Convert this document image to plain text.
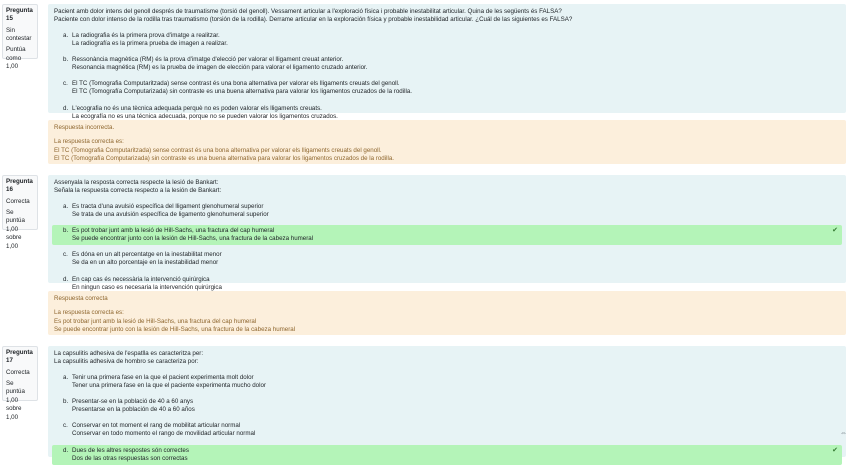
Pregunta
15
Sin contestar
Puntúa como 1,00
Pacient amb dolor intens del genoll després de traumatisme (torsió del genoll). Vessament articular a l'exploració física i probable inestabilitat articular. Quina de les següents és FALSA?
Paciente con dolor intenso de la rodilla tras traumatismo (torsión de la rodilla). Derrame articular en la exploración física y probable inestabilidad articular. ¿Cuál de las siguientes es FALSA?
a. La radiografia és la primera prova d'imatge a realitzar.
La radiografía es la primera prueba de imagen a realizar.
b. Ressonància magnètica (RM) és la prova d'imatge d'elecció per valorar el lligament creuat anterior.
Resonancia magnética (RM) es la prueba de imagen de elección para valorar el ligamento cruzado anterior.
c. El TC (Tomografia Computaritzada) sense contrast és una bona alternativa per valorar els lligaments creuats del genoll.
El TC (Tomografía Computarizada) sin contraste es una buena alternativa para valorar los ligamentos cruzados de la rodilla.
d. L'ecografia no és una tècnica adequada perquè no es poden valorar els lligaments creuats.
La ecografía no es una técnica adecuada, porque no se pueden valorar los ligamentos cruzados.
Respuesta incorrecta.
La respuesta correcta es:
El TC (Tomografia Computaritzada) sense contrast és una bona alternativa per valorar els lligaments creuats del genoll.
El TC (Tomografía Computarizada) sin contraste es una buena alternativa para valorar los ligamentos cruzados de la rodilla.
Pregunta
16
Correcta
Se puntúa 1,00 sobre 1,00
Assenyala la resposta correcta respecte la lesió de Bankart:
Señala la respuesta correcta respecto a la lesión de Bankart:
a. Es tracta d'una avulsió específica del lligament glenohumeral superior
Se trata de una avulsión específica de ligamento glenohumeral superior
b. Es pot trobar junt amb la lesió de Hill-Sachs, una fractura del cap humeral
Se puede encontrar junto con la lesión de Hill-Sachs, una fractura de la cabeza humeral
✔
c. Es dóna en un alt percentatge en la inestabilitat menor
Se da en un alto porcentaje en la inestabilidad menor
d. En cap cas és necessària la intervenció quirúrgica
En ningun caso es necesaria la intervención quirúrgica
Respuesta correcta
La respuesta correcta es:
Es pot trobar junt amb la lesió de Hill-Sachs, una fractura del cap humeral
Se puede encontrar junto con la lesión de Hill-Sachs, una fractura de la cabeza humeral
Pregunta
17
Correcta
Se puntúa 1,00 sobre 1,00
La capsulitis adhesiva de l'espatlla es caracteritza per:
La capsulitis adhesiva de hombro se caracteriza por:
a. Tenir una primera fase en la que el pacient experimenta molt dolor
Tener una primera fase en la que el paciente experimenta mucho dolor
b. Presentar-se en la població de 40 a 60 anys
Presentarse en la población de 40 a 60 años
c. Conservar en tot moment el rang de mobilitat articular normal
Conservar en todo momento el rango de movilidad articular normal
d. Dues de les altres respostes són correctes
Dos de las otras respuestas son correctas
✔
⇔
